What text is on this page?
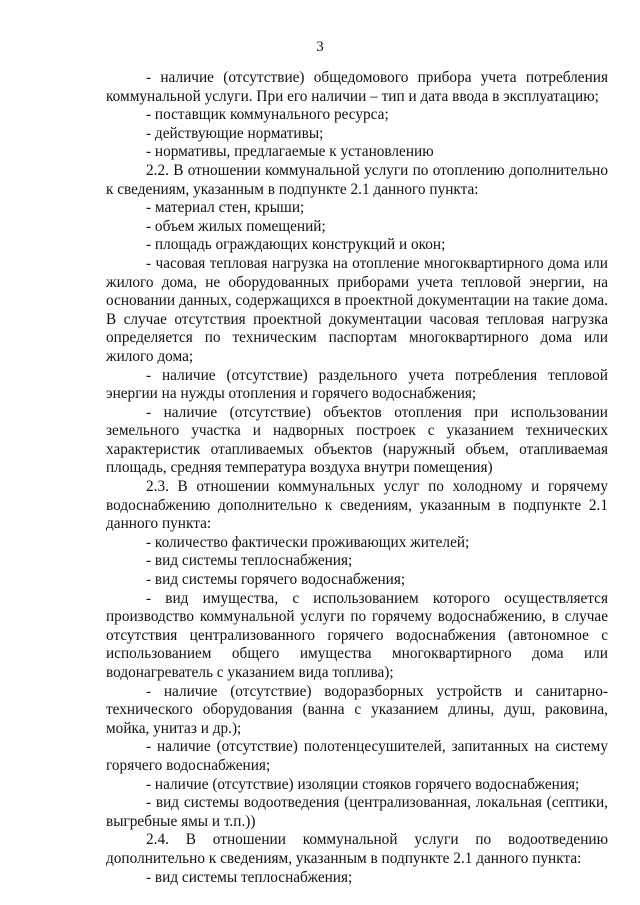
3

- наличие (отсутствие) общедомового прибора учета потребления коммунальной услуги. При его наличии – тип и дата ввода в эксплуатацию;

- поставщик коммунального ресурса;

- действующие нормативы;

- нормативы, предлагаемые к установлению

2.2. В отношении коммунальной услуги по отоплению дополнительно к сведениям, указанным в подпункте 2.1 данного пункта:

- материал стен, крыши;

- объем жилых помещений;

- площадь ограждающих конструкций и окон;

- часовая тепловая нагрузка на отопление многоквартирного дома или жилого дома, не оборудованных приборами учета тепловой энергии, на основании данных, содержащихся в проектной документации на такие дома. В случае отсутствия проектной документации часовая тепловая нагрузка определяется по техническим паспортам многоквартирного дома или жилого дома;

- наличие (отсутствие) раздельного учета потребления тепловой энергии на нужды отопления и горячего водоснабжения;

- наличие (отсутствие) объектов отопления при использовании земельного участка и надворных построек с указанием технических характеристик отапливаемых объектов (наружный объем, отапливаемая площадь, средняя температура воздуха внутри помещения)

2.3. В отношении коммунальных услуг по холодному и горячему водоснабжению дополнительно к сведениям, указанным в подпункте 2.1 данного пункта:

- количество фактически проживающих жителей;

- вид системы теплоснабжения;

- вид системы горячего водоснабжения;

- вид имущества, с использованием которого осуществляется производство коммунальной услуги по горячему водоснабжению, в случае отсутствия централизованного горячего водоснабжения (автономное с использованием общего имущества многоквартирного дома или водонагреватель с указанием вида топлива);

- наличие (отсутствие) водоразборных устройств и санитарно-технического оборудования (ванна с указанием длины, душ, раковина, мойка, унитаз и др.);

- наличие (отсутствие) полотенцесушителей, запитанных на систему горячего водоснабжения;

- наличие (отсутствие) изоляции стояков горячего водоснабжения;

- вид системы водоотведения (централизованная, локальная (септики, выгребные ямы и т.п.))

2.4. В отношении коммунальной услуги по водоотведению дополнительно к сведениям, указанным в подпункте 2.1 данного пункта:

- вид системы теплоснабжения;
